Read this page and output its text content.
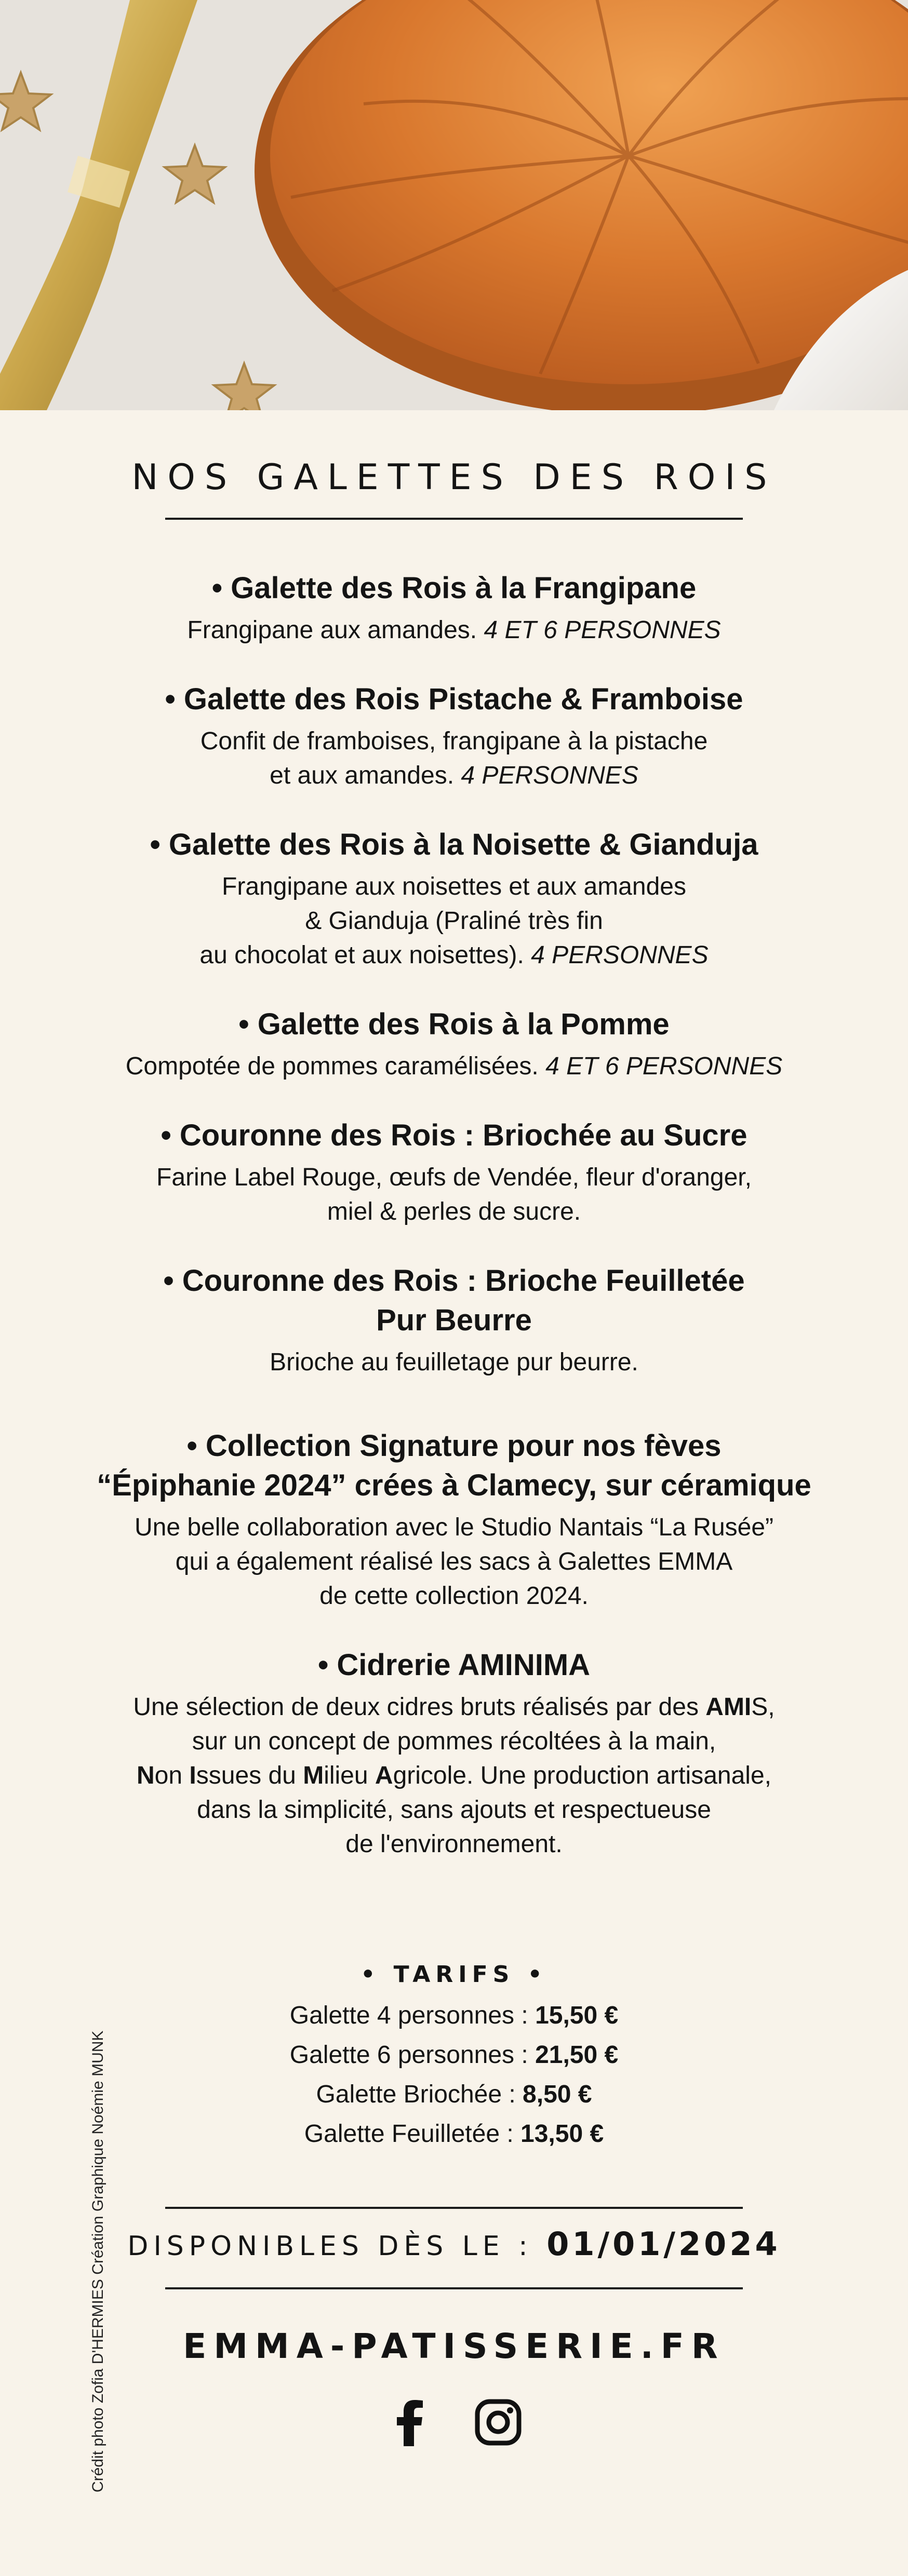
NOS GALETTES DES ROIS
• Galette des Rois à la Frangipane

Frangipane aux amandes. 4 ET 6 PERSONNES

• Galette des Rois Pistache & Framboise

Confit de framboises, frangipane à la pistache

et aux amandes. 4 PERSONNES

• Galette des Rois à la Noisette & Gianduja

Frangipane aux noisettes et aux amandes

& Gianduja (Praliné très fin

au chocolat et aux noisettes). 4 PERSONNES

• Galette des Rois à la Pomme

Compotée de pommes caramélisées. 4 ET 6 PERSONNES

• Couronne des Rois : Briochée au Sucre

Farine Label Rouge, œufs de Vendée, fleur d'oranger,

miel & perles de sucre.

• Couronne des Rois : Brioche Feuilletée
Pur Beurre

Brioche au feuilletage pur beurre.

• Collection Signature pour nos fèves
“Épiphanie 2024” crées à Clamecy, sur céramique

Une belle collaboration avec le Studio Nantais “La Rusée”

qui a également réalisé les sacs à Galettes EMMA

de cette collection 2024.

• Cidrerie AMINIMA

Une sélection de deux cidres bruts réalisés par des AMIS,

sur un concept de pommes récoltées à la main,

Non Issues du Milieu Agricole. Une production artisanale,

dans la simplicité, sans ajouts et respectueuse

de l'environnement.

• TARIFS •
Galette 4 personnes : 15,50 €
Galette 6 personnes : 21,50 €
Galette Briochée : 8,50 €
Galette Feuilletée : 13,50 €
DISPONIBLES DÈS LE : 01/01/2024
EMMA-PATISSERIE.FR
Crédit photo Zofia D'HERMIES Création Graphique Noémie MUNK
